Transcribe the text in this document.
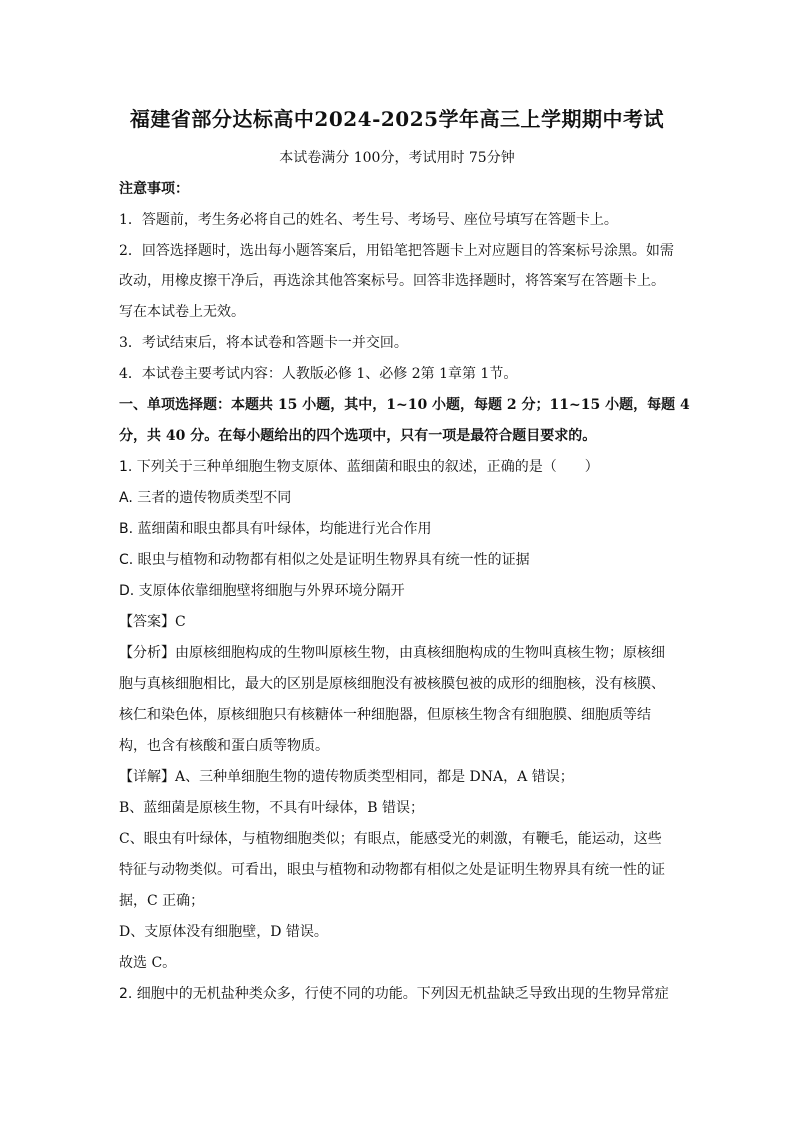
福建省部分达标高中2024-2025学年高三上学期期中考试
本试卷满分 100分，考试用时 75分钟
注意事项：
1．答题前，考生务必将自己的姓名、考生号、考场号、座位号填写在答题卡上。
2．回答选择题时，选出每小题答案后，用铅笔把答题卡上对应题目的答案标号涂黑。如需
改动，用橡皮擦干净后，再选涂其他答案标号。回答非选择题时，将答案写在答题卡上。
写在本试卷上无效。
3．考试结束后，将本试卷和答题卡一并交回。
4．本试卷主要考试内容：人教版必修 1、必修 2第 1章第 1节。
一、单项选择题：本题共 15 小题，其中，1~10 小题，每题 2 分；11~15 小题，每题 4
分，共 40 分。在每小题给出的四个选项中，只有一项是最符合题目要求的。
1. 下列关于三种单细胞生物支原体、蓝细菌和眼虫的叙述，正确的是（　　）
A. 三者的遗传物质类型不同
B. 蓝细菌和眼虫都具有叶绿体，均能进行光合作用
C. 眼虫与植物和动物都有相似之处是证明生物界具有统一性的证据
D. 支原体依靠细胞壁将细胞与外界环境分隔开
【答案】C
【分析】由原核细胞构成的生物叫原核生物，由真核细胞构成的生物叫真核生物；原核细
胞与真核细胞相比，最大的区别是原核细胞没有被核膜包被的成形的细胞核，没有核膜、
核仁和染色体，原核细胞只有核糖体一种细胞器，但原核生物含有细胞膜、细胞质等结
构，也含有核酸和蛋白质等物质。
【详解】A、三种单细胞生物的遗传物质类型相同，都是 DNA，A 错误；
B、蓝细菌是原核生物，不具有叶绿体，B 错误；
C、眼虫有叶绿体，与植物细胞类似；有眼点，能感受光的刺激，有鞭毛，能运动，这些
特征与动物类似。可看出，眼虫与植物和动物都有相似之处是证明生物界具有统一性的证
据，C 正确；
D、支原体没有细胞壁，D 错误。
故选 C。
2. 细胞中的无机盐种类众多，行使不同的功能。下列因无机盐缺乏导致出现的生物异常症
